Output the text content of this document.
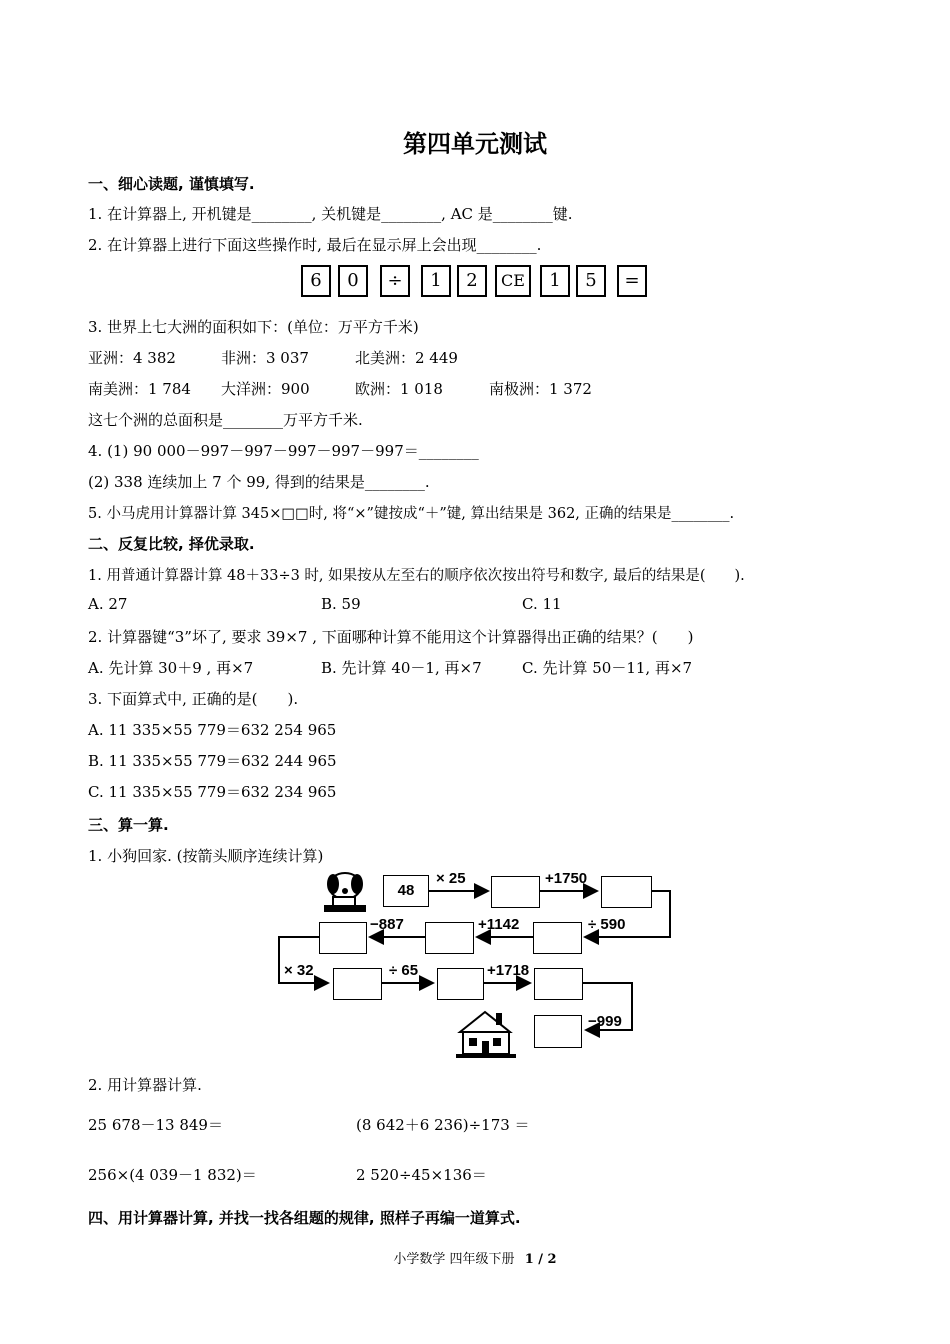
第四单元测试
一、细心读题, 谨慎填写.
1. 在计算器上, 开机键是________, 关机键是________, AC 是________键.
2. 在计算器上进行下面这些操作时, 最后在显示屏上会出现________.
6	0	÷	1	2	CE	1	5	=
3. 世界上七大洲的面积如下：(单位：万平方千米)
亚洲：4 382	非洲：3 037	北美洲：2 449
南美洲：1 784 大洋洲：900	欧洲：1 018	南极洲：1 372
这七个洲的总面积是________万平方千米.
4. (1) 90 000－997－997－997－997－997＝________
(2) 338 连续加上 7 个 99, 得到的结果是________.
5. 小马虎用计算器计算 345×□□时, 将“×”键按成“＋”键, 算出结果是 362, 正确的结果是________.
二、反复比较, 择优录取.
1. 用普通计算器计算 48＋33÷3 时, 如果按从左至右的顺序依次按出符号和数字, 最后的结果是(　　).
A. 27	B. 59	C. 11
2. 计算器键“3”坏了, 要求 39×7 , 下面哪种计算不能用这个计算器得出正确的结果？(　　)
A. 先计算 30＋9 , 再×7	B. 先计算 40－1, 再×7	C. 先计算 50－11, 再×7
3. 下面算式中, 正确的是(　　).
A. 11 335×55 779＝632 254 965
B. 11 335×55 779＝632 244 965
C. 11 335×55 779＝632 234 965
三、算一算.
1. 小狗回家. (按箭头顺序连续计算)
48
× 25	+1750
÷ 590
+1142
−887
× 32	÷ 65	+1718
−999
2. 用计算器计算.
25 678－13 849＝	(8 642＋6 236)÷173 ＝
256×(4 039－1 832)＝	2 520÷45×136＝
四、用计算器计算, 并找一找各组题的规律, 照样子再编一道算式.
小学数学 四年级下册 1 / 2
